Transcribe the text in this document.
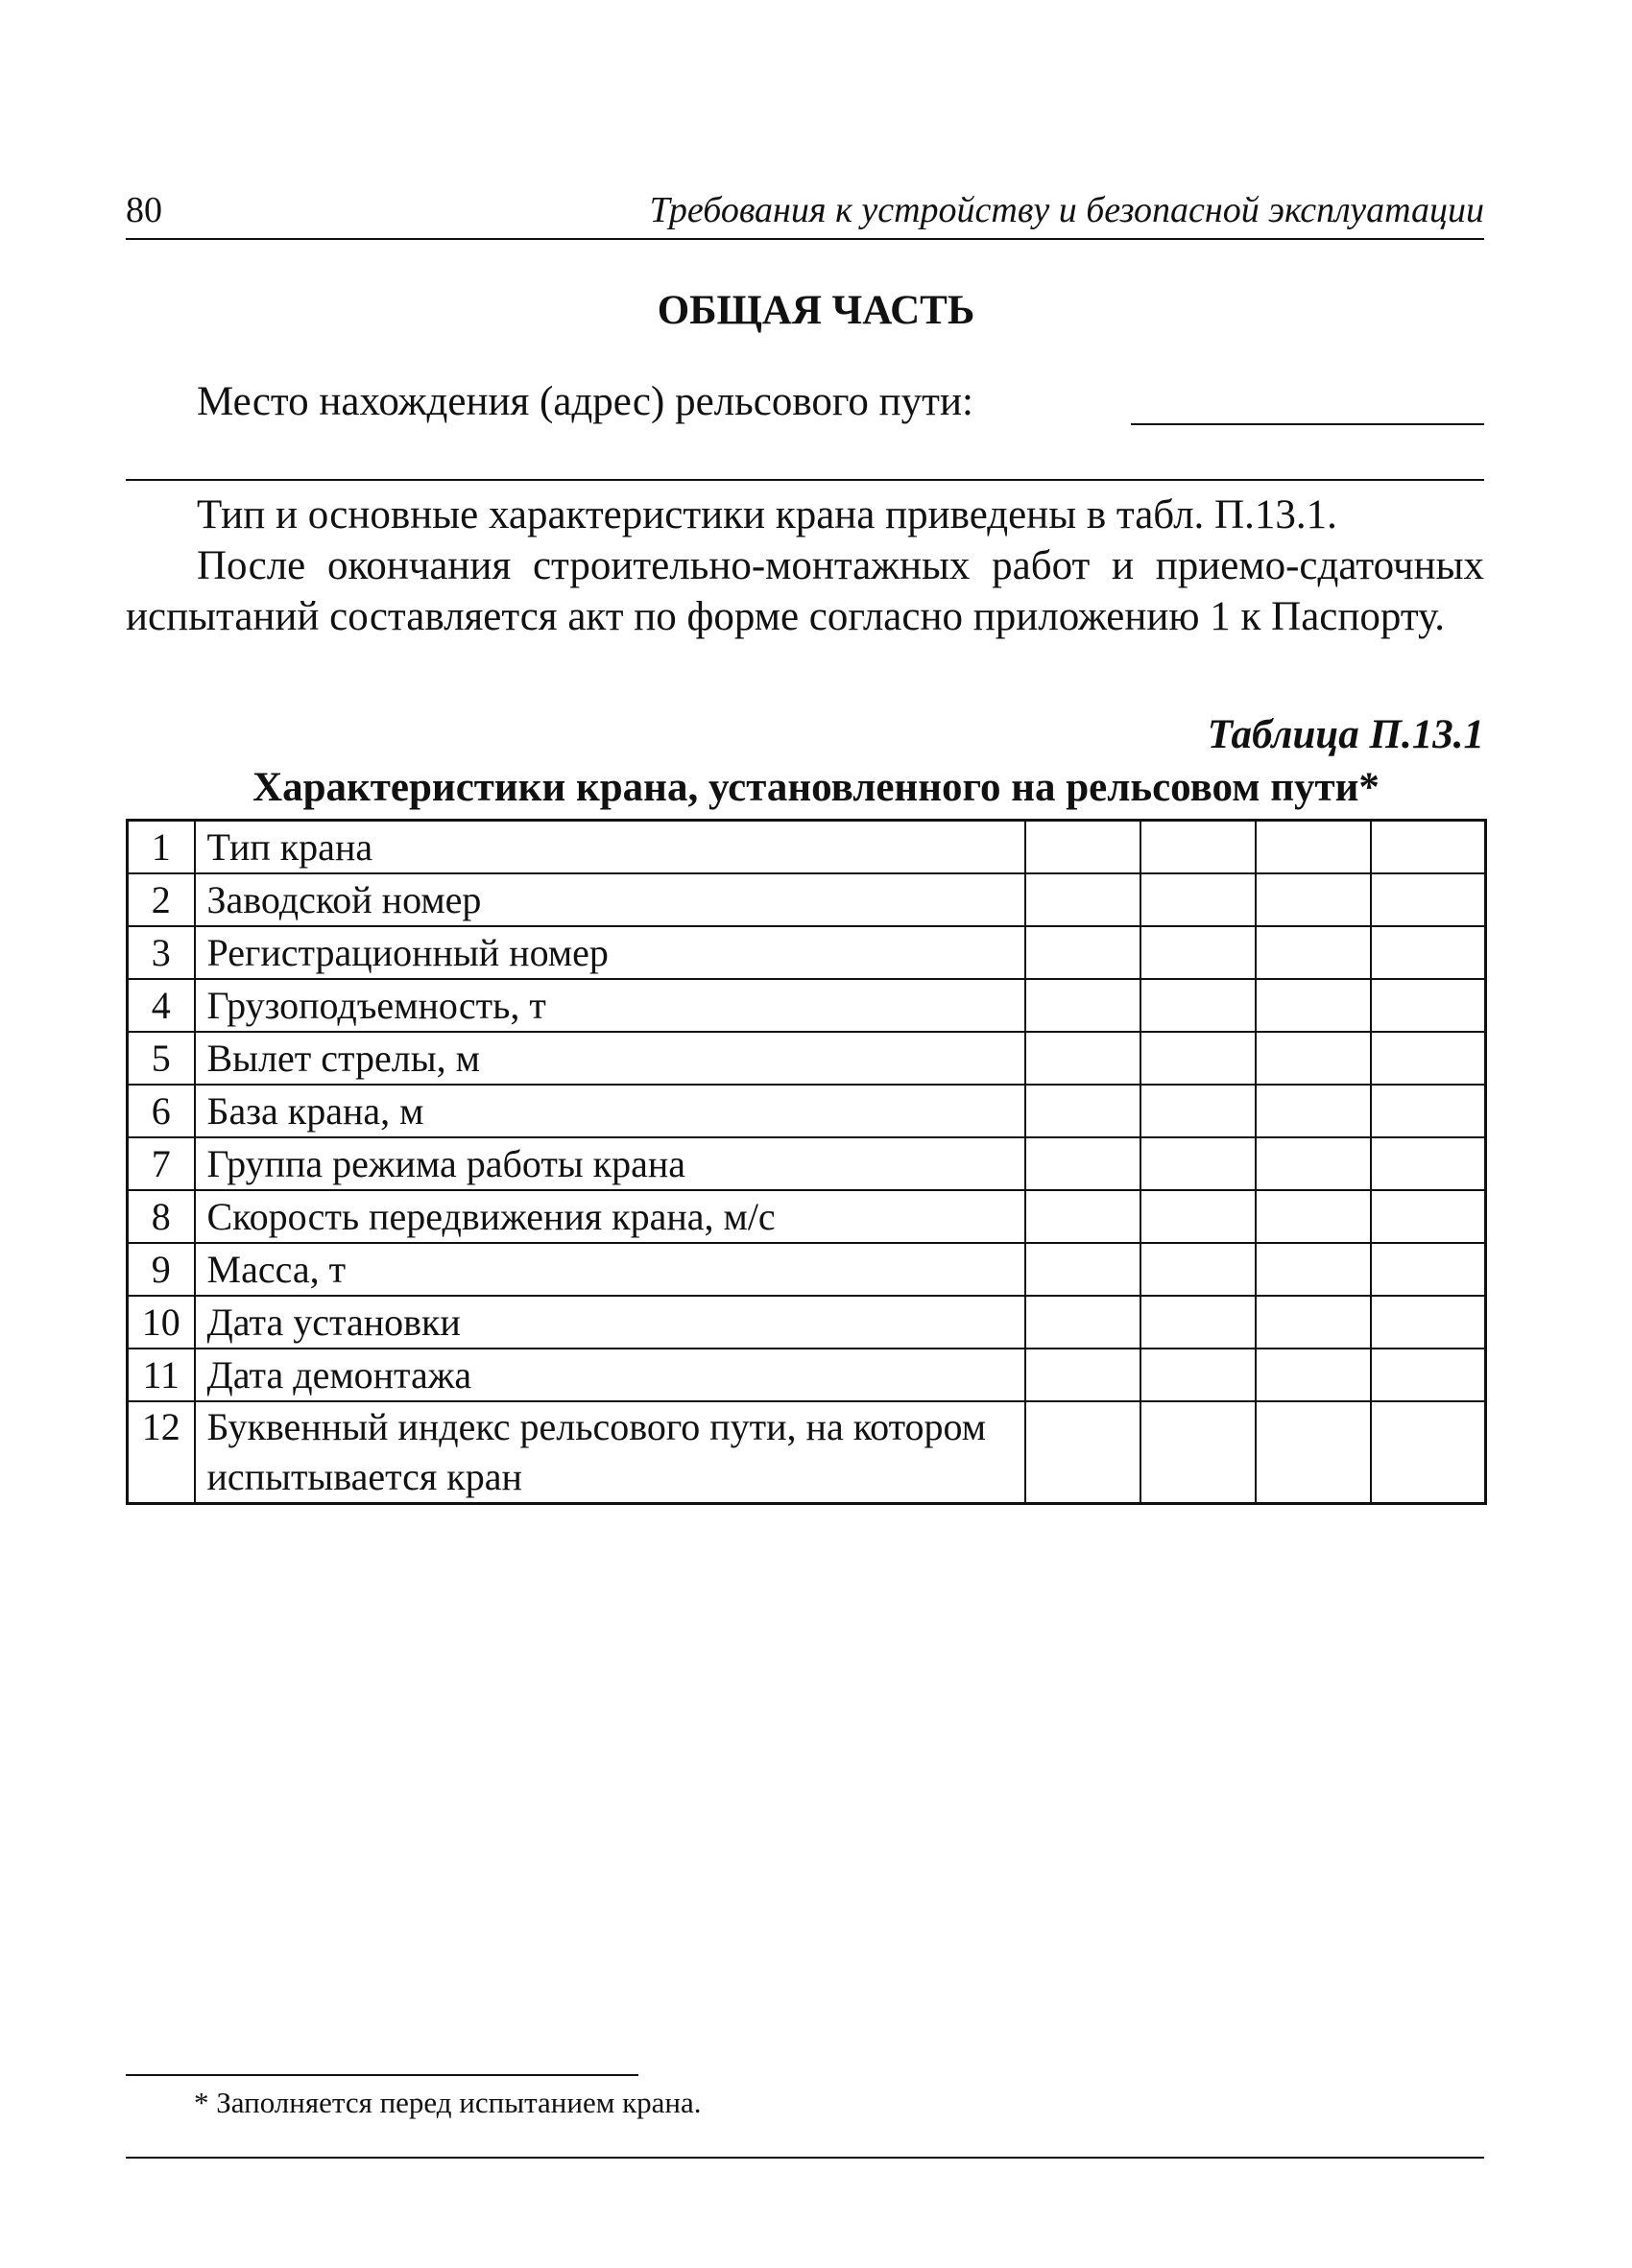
80	Требования к устройству и безопасной эксплуатации
ОБЩАЯ ЧАСТЬ
Место нахождения (адрес) рельсового пути:
Тип и основные характеристики крана приведены в табл. П.13.1.
После окончания строительно-монтажных работ и приемо-сдаточных испытаний составляется акт по форме согласно приложению 1 к Паспорту.
Таблица П.13.1
Характеристики крана, установленного на рельсовом пути*
1	Тип крана				
2	Заводской номер				
3	Регистрационный номер				
4	Грузоподъемность, т				
5	Вылет стрелы, м				
6	База крана, м				
7	Группа режима работы крана				
8	Скорость передвижения крана, м/с				
9	Масса, т				
10	Дата установки				
11	Дата демонтажа				
12	Буквенный индекс рельсового пути, на котором испытывается кран				
* Заполняется перед испытанием крана.
